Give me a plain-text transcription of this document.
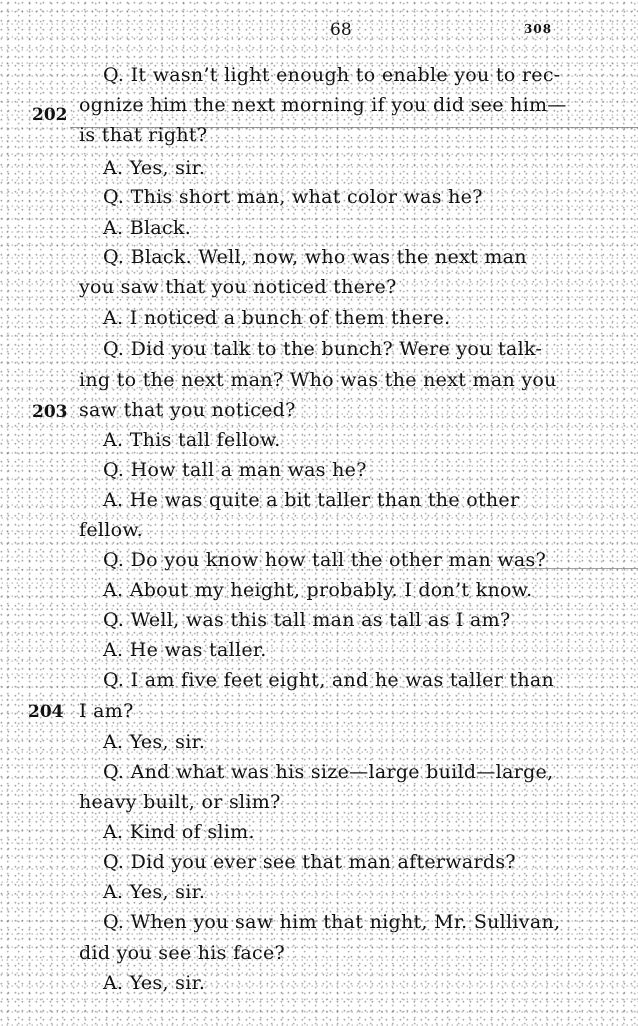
68	308
202
203
204
Q. It wasn’t light enough to enable you to rec-
ognize him the next morning if you did see him—
is that right?
A. Yes, sir.
Q. This short man, what color was he?
A. Black.
Q. Black. Well, now, who was the next man
you saw that you noticed there?
A. I noticed a bunch of them there.
Q. Did you talk to the bunch? Were you talk-
ing to the next man? Who was the next man you
saw that you noticed?
A. This tall fellow.
Q. How tall a man was he?
A. He was quite a bit taller than the other
fellow.
Q. Do you know how tall the other man was?
A. About my height, probably. I don’t know.
Q. Well, was this tall man as tall as I am?
A. He was taller.
Q. I am five feet eight, and he was taller than
I am?
A. Yes, sir.
Q. And what was his size—large build—large,
heavy built, or slim?
A. Kind of slim.
Q. Did you ever see that man afterwards?
A. Yes, sir.
Q. When you saw him that night, Mr. Sullivan,
did you see his face?
A. Yes, sir.
